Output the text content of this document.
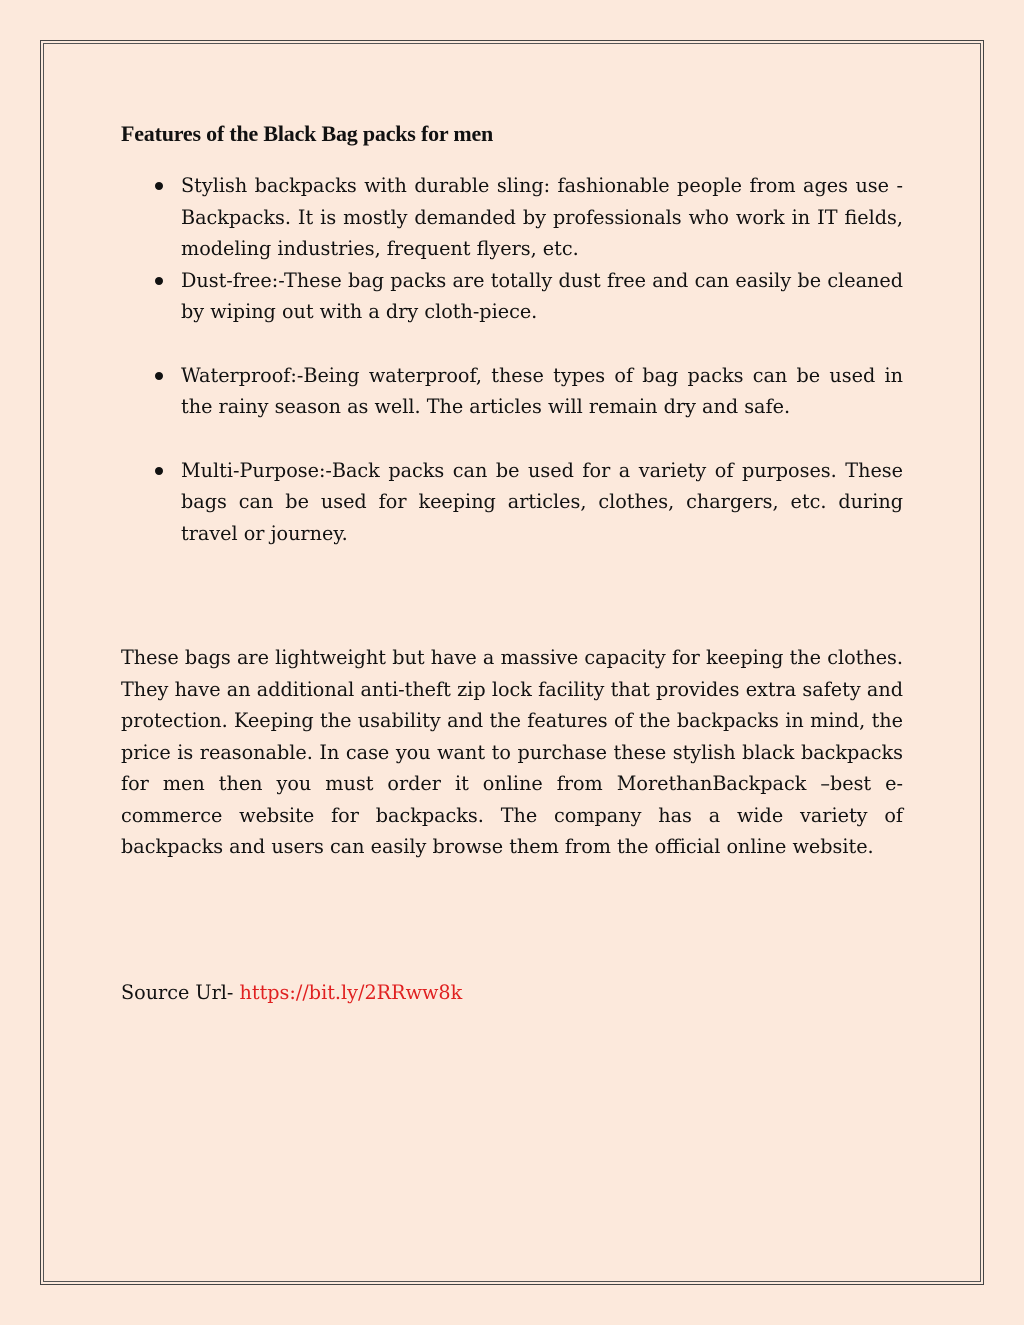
Features of the Black Bag packs for men
Stylish backpacks with durable sling: fashionable people from ages use - Backpacks. It is mostly demanded by professionals who work in IT fields, modeling industries, frequent flyers, etc.
Dust-free:-These bag packs are totally dust free and can easily be cleaned by wiping out with a dry cloth-piece.
Waterproof:-Being waterproof, these types of bag packs can be used in the rainy season as well. The articles will remain dry and safe.
Multi-Purpose:-Back packs can be used for a variety of purposes. These bags can be used for keeping articles, clothes, chargers, etc. during travel or journey.

These bags are lightweight but have a massive capacity for keeping the clothes. They have an additional anti-theft zip lock facility that provides extra safety and protection. Keeping the usability and the features of the backpacks in mind, the price is reasonable. In case you want to purchase these stylish black backpacks for men then you must order it online from MorethanBackpack –best e-commerce website for backpacks. The company has a wide variety of backpacks and users can easily browse them from the official online website.

Source Url- https://bit.ly/2RRww8k
